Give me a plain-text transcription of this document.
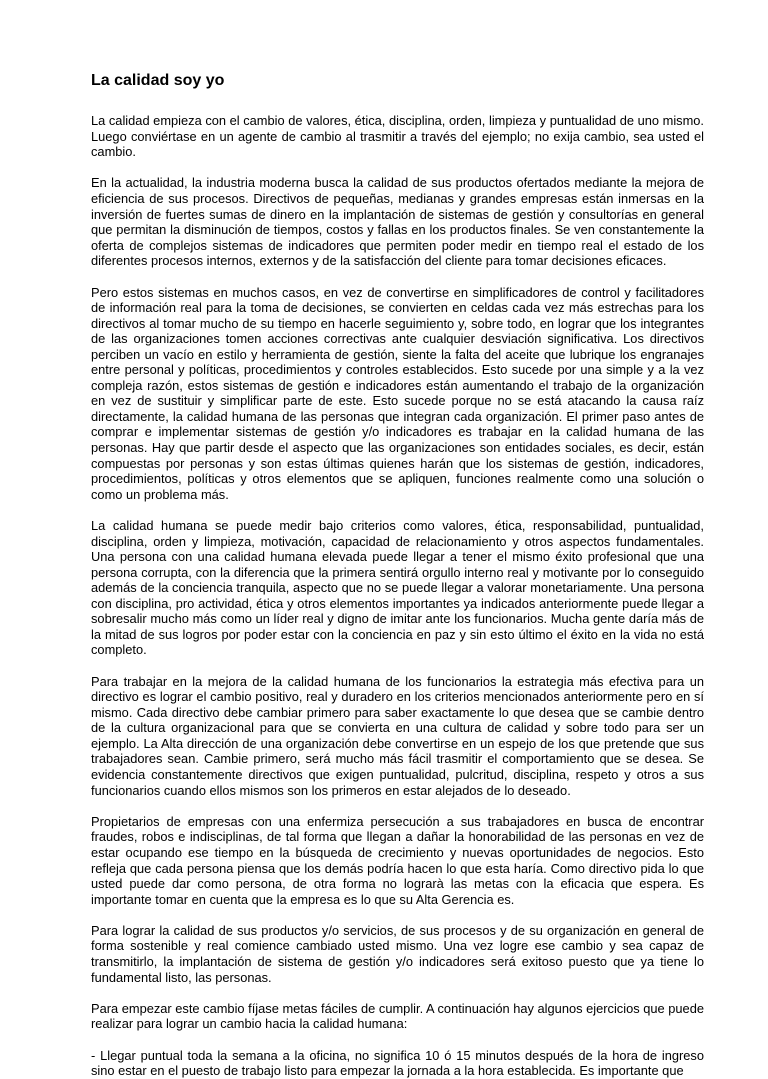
La calidad soy yo

La calidad empieza con el cambio de valores, ética, disciplina, orden, limpieza y puntualidad de uno mismo. Luego conviértase en un agente de cambio al trasmitir a través del ejemplo; no exija cambio, sea usted el cambio.

En la actualidad, la industria moderna busca la calidad de sus productos ofertados mediante la mejora de eficiencia de sus procesos. Directivos de pequeñas, medianas y grandes empresas están inmersas en la inversión de fuertes sumas de dinero en la implantación de sistemas de gestión y consultorías en general que permitan la disminución de tiempos, costos y fallas en los productos finales. Se ven constantemente la oferta de complejos sistemas de indicadores que permiten poder medir en tiempo real el estado de los diferentes procesos internos, externos y de la satisfacción del cliente para tomar decisiones eficaces.

Pero estos sistemas en muchos casos, en vez de convertirse en simplificadores de control y facilitadores de información real para la toma de decisiones, se convierten en celdas cada vez más estrechas para los directivos al tomar mucho de su tiempo en hacerle seguimiento y, sobre todo, en lograr que los integrantes de las organizaciones tomen acciones correctivas ante cualquier desviación significativa. Los directivos perciben un vacío en estilo y herramienta de gestión, siente la falta del aceite que lubrique los engranajes entre personal y políticas, procedimientos y controles establecidos. Esto sucede por una simple y a la vez compleja razón, estos sistemas de gestión e indicadores están aumentando el trabajo de la organización en vez de sustituir y simplificar parte de este. Esto sucede porque no se está atacando la causa raíz directamente, la calidad humana de las personas que integran cada organización. El primer paso antes de comprar e implementar sistemas de gestión y/o indicadores es trabajar en la calidad humana de las personas. Hay que partir desde el aspecto que las organizaciones son entidades sociales, es decir, están compuestas por personas y son estas últimas quienes harán que los sistemas de gestión, indicadores, procedimientos, políticas y otros elementos que se apliquen, funciones realmente como una solución o como un problema más.

La calidad humana se puede medir bajo criterios como valores, ética, responsabilidad, puntualidad, disciplina, orden y limpieza, motivación, capacidad de relacionamiento y otros aspectos fundamentales. Una persona con una calidad humana elevada puede llegar a tener el mismo éxito profesional que una persona corrupta, con la diferencia que la primera sentirá orgullo interno real y motivante por lo conseguido además de la conciencia tranquila, aspecto que no se puede llegar a valorar monetariamente. Una persona con disciplina, pro actividad, ética y otros elementos importantes ya indicados anteriormente puede llegar a sobresalir mucho más como un líder real y digno de imitar ante los funcionarios. Mucha gente daría más de la mitad de sus logros por poder estar con la conciencia en paz y sin esto último el éxito en la vida no está completo.

Para trabajar en la mejora de la calidad humana de los funcionarios la estrategia más efectiva para un directivo es lograr el cambio positivo, real y duradero en los criterios mencionados anteriormente pero en sí mismo. Cada directivo debe cambiar primero para saber exactamente lo que desea que se cambie dentro de la cultura organizacional para que se convierta en una cultura de calidad y sobre todo para ser un ejemplo. La Alta dirección de una organización debe convertirse en un espejo de los que pretende que sus trabajadores sean. Cambie primero, será mucho más fácil trasmitir el comportamiento que se desea. Se evidencia constantemente directivos que exigen puntualidad, pulcritud, disciplina, respeto y otros a sus funcionarios cuando ellos mismos son los primeros en estar alejados de lo deseado.

Propietarios de empresas con una enfermiza persecución a sus trabajadores en busca de encontrar fraudes, robos e indisciplinas, de tal forma que llegan a dañar la honorabilidad de las personas en vez de estar ocupando ese tiempo en la búsqueda de crecimiento y nuevas oportunidades de negocios. Esto refleja que cada persona piensa que los demás podría hacen lo que esta haría. Como directivo pida lo que usted puede dar como persona, de otra forma no lograrà las metas con la eficacia que espera. Es importante tomar en cuenta que la empresa es lo que su Alta Gerencia es.

Para lograr la calidad de sus productos y/o servicios, de sus procesos y de su organización en general de forma sostenible y real comience cambiado usted mismo. Una vez logre ese cambio y sea capaz de transmitirlo, la implantación de sistema de gestión y/o indicadores será exitoso puesto que ya tiene lo fundamental listo, las personas.

Para empezar este cambio fíjase metas fáciles de cumplir. A continuación hay algunos ejercicios que puede realizar para lograr un cambio hacia la calidad humana:

- Llegar puntual toda la semana a la oficina, no significa 10 ó 15 minutos después de la hora de ingreso sino estar en el puesto de trabajo listo para empezar la jornada a la hora establecida. Es importante que
